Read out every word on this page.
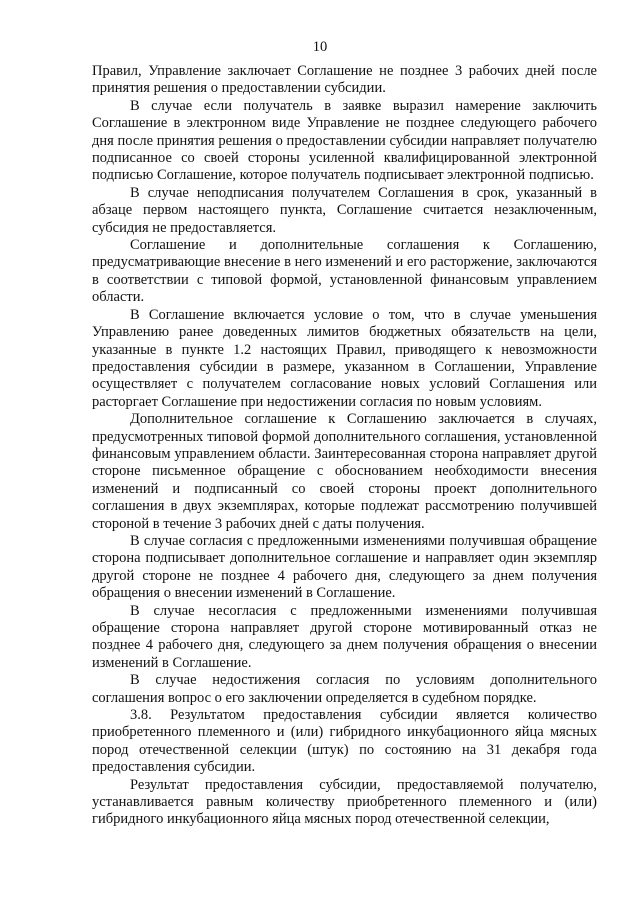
10

Правил, Управление заключает Соглашение не позднее 3 рабочих дней после принятия решения о предоставлении субсидии.

В случае если получатель в заявке выразил намерение заключить Соглашение в электронном виде Управление не позднее следующего рабочего дня после принятия решения о предоставлении субсидии направляет получателю подписанное со своей стороны усиленной квалифицированной электронной подписью Соглашение, которое получатель подписывает электронной подписью.

В случае неподписания получателем Соглашения в срок, указанный в абзаце первом настоящего пункта, Соглашение считается незаключенным, субсидия не предоставляется.

Соглашение и дополнительные соглашения к Соглашению, предусматривающие внесение в него изменений и его расторжение, заключаются в соответствии с типовой формой, установленной финансовым управлением области.

В Соглашение включается условие о том, что в случае уменьшения Управлению ранее доведенных лимитов бюджетных обязательств на цели, указанные в пункте 1.2 настоящих Правил, приводящего к невозможности предоставления субсидии в размере, указанном в Соглашении, Управление осуществляет с получателем согласование новых условий Соглашения или расторгает Соглашение при недостижении согласия по новым условиям.

Дополнительное соглашение к Соглашению заключается в случаях, предусмотренных типовой формой дополнительного соглашения, установленной финансовым управлением области. Заинтересованная сторона направляет другой стороне письменное обращение с обоснованием необходимости внесения изменений и подписанный со своей стороны проект дополнительного соглашения в двух экземплярах, которые подлежат рассмотрению получившей стороной в течение 3 рабочих дней с даты получения.

В случае согласия с предложенными изменениями получившая обращение сторона подписывает дополнительное соглашение и направляет один экземпляр другой стороне не позднее 4 рабочего дня, следующего за днем получения обращения о внесении изменений в Соглашение.

В случае несогласия с предложенными изменениями получившая обращение сторона направляет другой стороне мотивированный отказ не позднее 4 рабочего дня, следующего за днем получения обращения о внесении изменений в Соглашение.

В случае недостижения согласия по условиям дополнительного соглашения вопрос о его заключении определяется в судебном порядке.

3.8. Результатом предоставления субсидии является количество приобретенного племенного и (или) гибридного инкубационного яйца мясных пород отечественной селекции (штук) по состоянию на 31 декабря года предоставления субсидии.

Результат предоставления субсидии, предоставляемой получателю, устанавливается равным количеству приобретенного племенного и (или) гибридного инкубационного яйца мясных пород отечественной селекции,
